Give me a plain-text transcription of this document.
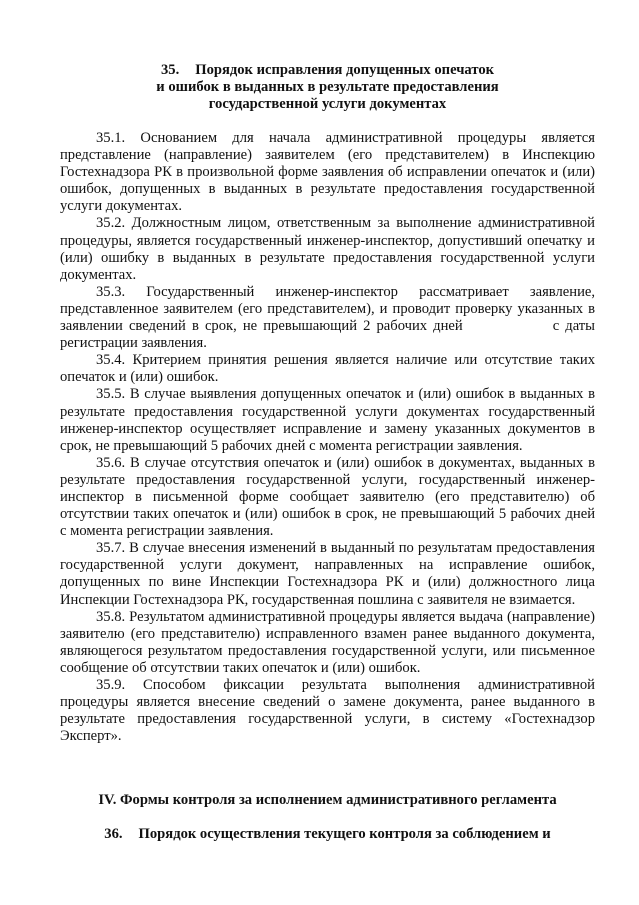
35. Порядок исправления допущенных опечаток
и ошибок в выданных в результате предоставления
государственной услуги документах

35.1. Основанием для начала административной процедуры является представление (направление) заявителем (его представителем) в Инспекцию Гостехнадзора РК в произвольной форме заявления об исправлении опечаток и (или) ошибок, допущенных в выданных в результате предоставления государственной услуги документах.

35.2. Должностным лицом, ответственным за выполнение административной процедуры, является государственный инженер-инспектор, допустивший опечатку и (или) ошибку в выданных в результате предоставления государственной услуги документах.

35.3. Государственный инженер-инспектор рассматривает заявление, представленное заявителем (его представителем), и проводит проверку указанных в заявлении сведений в срок, не превышающий 2 рабочих дней	с даты регистрации заявления.

35.4. Критерием принятия решения является наличие или отсутствие таких опечаток и (или) ошибок.

35.5. В случае выявления допущенных опечаток и (или) ошибок в выданных в результате предоставления государственной услуги документах государственный инженер-инспектор осуществляет исправление и замену указанных документов в срок, не превышающий 5 рабочих дней с момента регистрации заявления.

35.6. В случае отсутствия опечаток и (или) ошибок в документах, выданных в результате предоставления государственной услуги, государственный инженер-инспектор в письменной форме сообщает заявителю (его представителю) об отсутствии таких опечаток и (или) ошибок в срок, не превышающий 5 рабочих дней с момента регистрации заявления.

35.7. В случае внесения изменений в выданный по результатам предоставления государственной услуги документ, направленных на исправление ошибок, допущенных по вине Инспекции Гостехнадзора РК и (или) должностного лица Инспекции Гостехнадзора РК, государственная пошлина с заявителя не взимается.

35.8. Результатом административной процедуры является выдача (направление) заявителю (его представителю) исправленного взамен ранее выданного документа, являющегося результатом предоставления государственной услуги, или письменное сообщение об отсутствии таких опечаток и (или) ошибок.

35.9. Способом фиксации результата выполнения административной процедуры является внесение сведений о замене документа, ранее выданного в результате предоставления государственной услуги, в систему «Гостехнадзор Эксперт».

IV. Формы контроля за исполнением административного регламента
36. Порядок осуществления текущего контроля за соблюдением и
